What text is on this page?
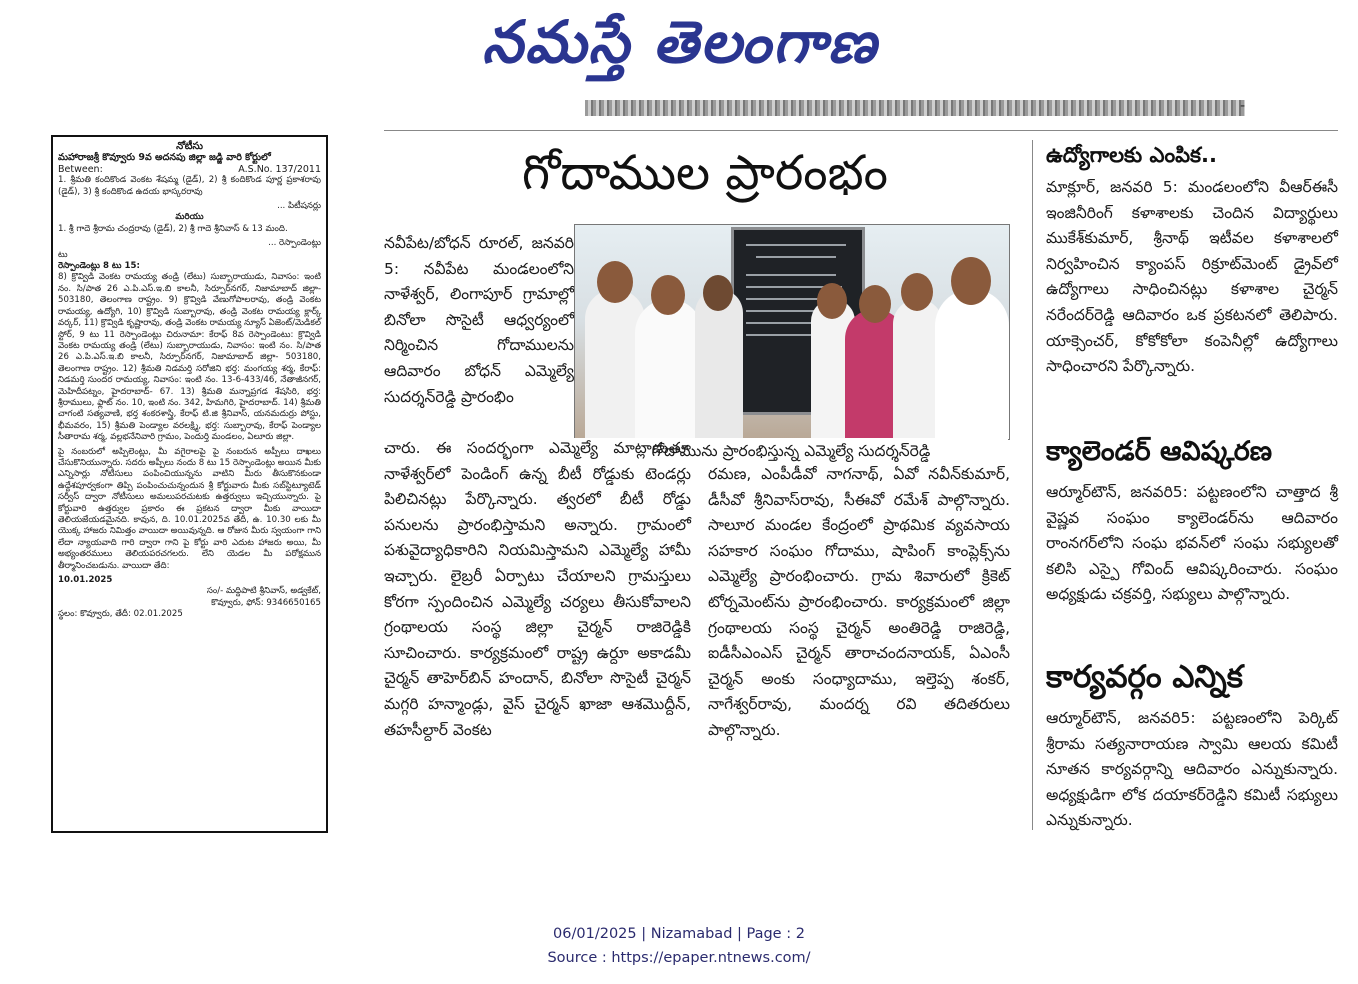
నమస్తే తెలంగాణ
-
నోటీసు
మహారాజశ్రీ కొవ్వూరు 9వ అదనపు జిల్లా జడ్జి వారి కోర్టులో
Between:	A.S.No. 137/2011

1. శ్రీమతి కందికొండ వెంకట శేషమ్మ (డైడ్), 2) శ్రీ కందికొండ పూర్ణ ప్రకాశరావు (డైడ్), 3) శ్రీ కందికొండ ఉదయ భాస్కరరావు

... పిటీషనర్లు
మరియు

1. శ్రీ గాదె శ్రీరామ చంద్రరావు (డైడ్), 2) శ్రీ గాదె శ్రీనివాస్ & 13 మంది.

... రెస్పాండెంట్లు
టు
రెస్పాండెంట్లు 8 టు 15:

8) క్రొవ్విడి వెంకట రామయ్య తండ్రి (లేటు) సుబ్బారాయుడు, నివాసం: ఇంటి నం. సి/పాత 26 ఎ.పి.ఎస్.ఇ.బి కాలనీ, సిర్పూర్‌నగర్, నిజామాబాద్ జిల్లా- 503180, తెలంగాణ రాష్ట్రం. 9) క్రొవ్విడి వేణుగోపాలరావు, తండ్రి వెంకట రామయ్య, ఉద్యోగి, 10) క్రొవ్విడి సుబ్బారావు, తండ్రి వెంకట రామయ్య క్లార్క్ వర్కర్, 11) క్రొవ్విడి కృష్ణారావు, తండ్రి వెంకట రామయ్య న్యూస్ ఏజెంట్/మెడికల్ స్టోర్, 9 టు 11 రెస్పాండెంట్లు చిరునామా: కేరాఫ్ 8వ రెస్పాండెంటు: క్రొవ్విడి వెంకట రామయ్య తండ్రి (లేటు) సుబ్బారాయుడు, నివాసం: ఇంటి నం. సి/పాత 26 ఎ.పి.ఎస్.ఇ.బి కాలనీ, సిర్పూర్‌నగర్, నిజామాబాద్ జిల్లా- 503180, తెలంగాణ రాష్ట్రం. 12) శ్రీమతి నిడమర్తి సరోజిని భర్త: మంగయ్య శర్మ, కేరాఫ్: నిడమర్తి సుందర రామయ్య, నివాసం: ఇంటి నం. 13-6-433/46, నేతాజీనగర్, మెహిదీపట్నం, హైదరాబాద్- 67. 13) శ్రీమతి మన్నాప్రగడ శేషసిరి, భర్త: శ్రీరాములు, ఫ్లాట్ నం. 10, ఇంటి నం. 342, హిమగిరి, హైదరాబాద్. 14) శ్రీమతి చాగంటి సత్యవాణి, భర్త శంకరశాస్త్రి, కేరాఫ్ టి.జి శ్రీనివాస్, యనమదుర్రు పోస్టు, భీమవరం, 15) శ్రీమతి పెండ్యాల వరలక్ష్మి, భర్త: సుబ్బారావు, కేరాఫ్ పెండ్యాల సీతారామ శర్మ, వల్లభనేనివారి గ్రామం, పెందుర్తి మండలం, ఏలూరు జిల్లా.

పై నంబరులో అప్పిలెంట్లు, మీ వగైరాలపై పై నంబరున అప్పీలు దాఖలు చేసుకొనియున్నారు. సదరు అప్పీలు నందు 8 టు 15 రెస్పాండెంట్లు అయిన మీకు ఎన్నిసార్లు నోటీసులు పంపించియున్నను వాటిని మీరు తీసుకొనకుండా ఉద్దేశపూర్వకంగా తిప్పి పంపించుచున్నందున శ్రీ కోర్టువారు మీకు సబ్‌స్టిట్యూటెడ్ సర్వీస్ ద్వారా నోటీసులు అమలుపరచుటకు ఉత్తర్వులు ఇచ్చియున్నారు. పై కోర్టువారి ఉత్తర్వుల ప్రకారం ఈ ప్రకటన ద్వారా మీకు వాయిదా తెలియజేయడమైనది. కావున, ది. 10.01.2025వ తేదీ, ఉ. 10.30 లకు మీ యొక్క హాజరు నిమిత్తం వాయిదా అయివున్నది. ఆ రోజున మీరు స్వయంగా గాని లేదా న్యాయవాది గారి ద్వారా గాని పై కోర్టు వారి ఎదుట హాజరు అయి, మీ అభ్యంతరములు తెలియపరచగలరు. లేని యెడల మీ పరోక్షమున తీర్మానించబడును. వాయిదా తేది:

10.01.2025
సం/- మద్దిపాటి శ్రీనివాస్, అడ్వకేట్,
కొవ్వూరు, ఫోన్: 9346650165
స్థలం: కొవ్వూరు, తేదీ: 02.01.2025
గోదాముల ప్రారంభం
నవీపేట/బోధన్ రూరల్, జనవరి 5: నవీపేట మండలంలోని నాళేశ్వర్, లింగాపూర్ గ్రామాల్లో బినోలా సొసైటీ ఆధ్వర్యంలో నిర్మించిన గోదాములను ఆదివారం బోధన్ ఎమ్మెల్యే సుదర్శన్‌రెడ్డి ప్రారంభిం
గోదామును ప్రారంభిస్తున్న ఎమ్మెల్యే సుదర్శన్‌రెడ్డి
చారు. ఈ సందర్భంగా ఎమ్మెల్యే మాట్లాడుతూ నాళేశ్వర్‌లో పెండింగ్ ఉన్న బీటీ రోడ్డుకు టెండర్లు పిలిచినట్లు పేర్కొన్నారు. త్వరలో బీటీ రోడ్డు పనులను ప్రారంభిస్తామని అన్నారు. గ్రామంలో పశువైద్యాధికారిని నియమిస్తామని ఎమ్మెల్యే హామీ ఇచ్చారు. లైబ్రరీ ఏర్పాటు చేయాలని గ్రామస్తులు కోరగా స్పందించిన ఎమ్మెల్యే చర్యలు తీసుకోవాలని గ్రంథాలయ సంస్థ జిల్లా చైర్మన్ రాజిరెడ్డికి సూచించారు. కార్యక్రమంలో రాష్ట్ర ఉర్దూ అకాడమీ చైర్మన్ తాహెర్‌బిన్ హందాన్, బినోలా సొసైటీ చైర్మన్ మగ్గరి హన్మాండ్లు, వైస్ చైర్మన్ ఖాజా ఆశమొద్దీన్, తహసీల్దార్ వెంకట
రమణ, ఎంపీడీవో నాగనాథ్, ఏవో నవీన్‌కుమార్, డీసీవో శ్రీనివాస్‌రావు, సీఈవో రమేశ్ పాల్గొన్నారు. సాలూర మండల కేంద్రంలో ప్రాథమిక వ్యవసాయ సహకార సంఘం గోదాము, షాపింగ్ కాంప్లెక్స్‌ను ఎమ్మెల్యే ప్రారంభించారు. గ్రామ శివారులో క్రికెట్ టోర్నమెంట్‌ను ప్రారంభించారు. కార్యక్రమంలో జిల్లా గ్రంథాలయ సంస్థ చైర్మన్ అంతిరెడ్డి రాజిరెడ్డి, ఐడీసీఎంఎస్ చైర్మన్ తారాచందనాయక్, ఏఎంసీ చైర్మన్ అంకు సంధ్యాదాము, ఇల్తెప్ప శంకర్, నాగేశ్వర్‌రావు, మందర్న రవి తదితరులు పాల్గొన్నారు.
ఉద్యోగాలకు ఎంపిక..
మాక్లూర్, జనవరి 5: మండలంలోని వీఆర్‌ఈసీ ఇంజినీరింగ్ కళాశాలకు చెందిన విద్యార్థులు ముకేశ్‌కుమార్, శ్రీనాథ్ ఇటీవల కళాశాలలో నిర్వహించిన క్యాంపస్ రిక్రూట్‌మెంట్ డ్రైవ్‌లో ఉద్యోగాలు సాధించినట్లు కళాశాల చైర్మన్ నరేందర్‌రెడ్డి ఆదివారం ఒక ప్రకటనలో తెలిపారు. యాక్సెంచర్, కోకోకోలా కంపెనీల్లో ఉద్యోగాలు సాధించారని పేర్కొన్నారు.
క్యాలెండర్ ఆవిష్కరణ
ఆర్మూర్‌టౌన్, జనవరి5: పట్టణంలోని చాత్తాద శ్రీ వైష్ణవ సంఘం క్యాలెండర్‌ను ఆదివారం రాంనగర్‌లోని సంఘ భవన్‌లో సంఘ సభ్యులతో కలిసి ఎస్పై గోవింద్ ఆవిష్కరించారు. సంఘం అధ్యక్షుడు చక్రవర్తి, సభ్యులు పాల్గొన్నారు.
కార్యవర్గం ఎన్నిక
ఆర్మూర్‌టౌన్, జనవరి5: పట్టణంలోని పెర్కిట్ శ్రీరామ సత్యనారాయణ స్వామి ఆలయ కమిటీ నూతన కార్యవర్గాన్ని ఆదివారం ఎన్నుకున్నారు. అధ్యక్షుడిగా లోక దయాకర్‌రెడ్డిని కమిటీ సభ్యులు ఎన్నుకున్నారు.
06/01/2025 | Nizamabad | Page : 2
Source : https://epaper.ntnews.com/
